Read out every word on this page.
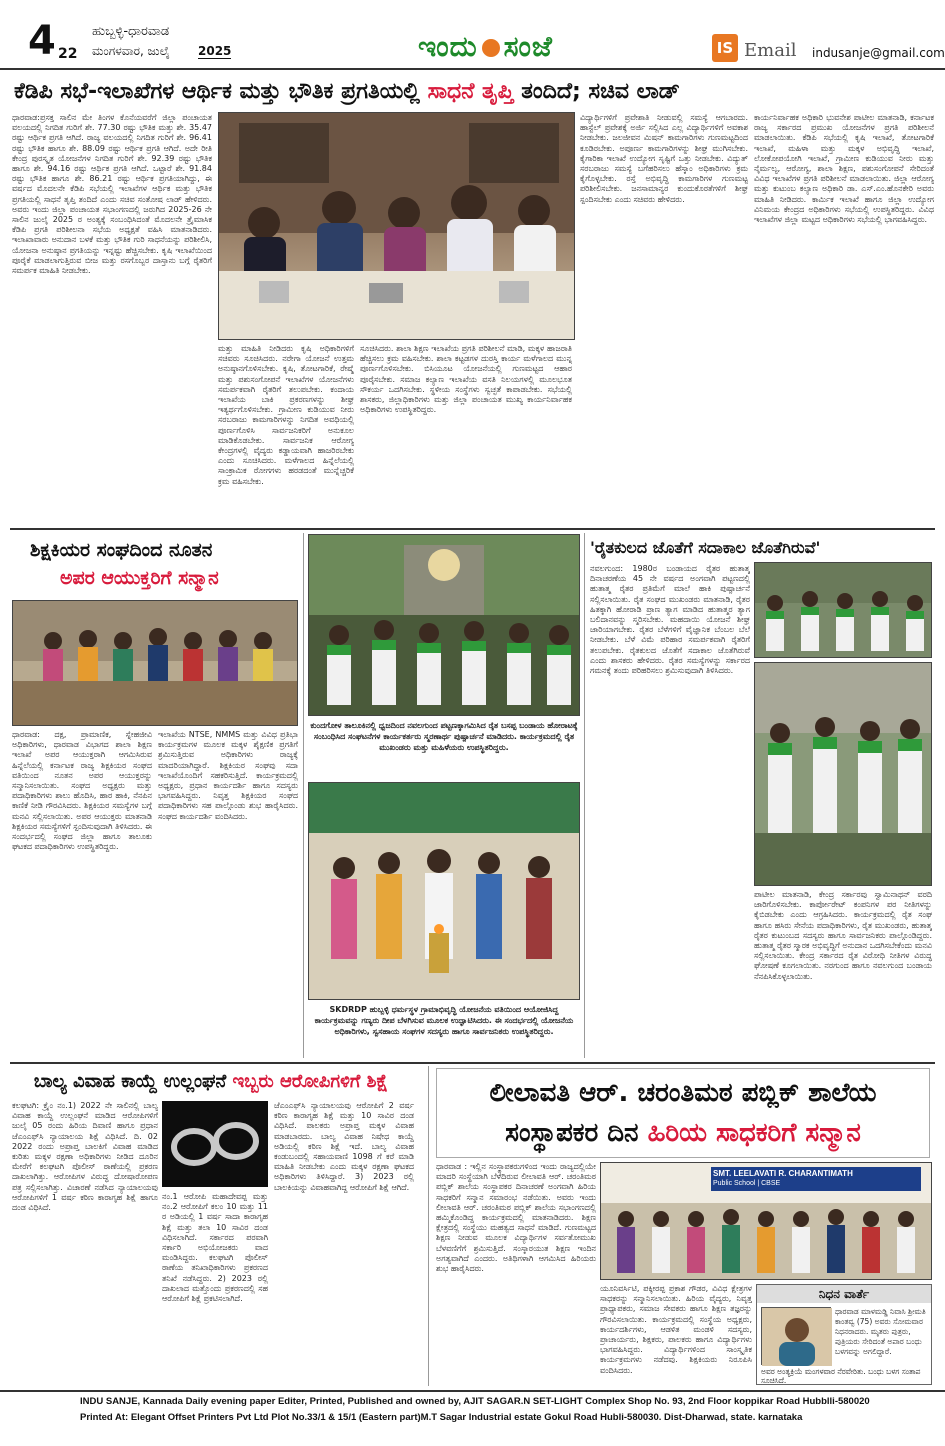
4 22
ಹುಬ್ಬಳ್ಳಿ-ಧಾರವಾಡ
ಮಂಗಳವಾರ, ಜುಲೈ 2025	ಇಂದು ಸಂಜೆ	IS Email indusanje@gmail.com
ಕೆಡಿಪಿ ಸಭೆ-ಇಲಾಖೆಗಳ ಆರ್ಥಿಕ ಮತ್ತು ಭೌತಿಕ ಪ್ರಗತಿಯಲ್ಲಿ ಸಾಧನೆ ತೃಪ್ತಿ ತಂದಿದೆ; ಸಚಿವ ಲಾಡ್
ಧಾರವಾಡ:ಪ್ರಸಕ್ತ ಸಾಲಿನ ಮೇ ತಿಂಗಳ ಕೊನೆಯವರೆಗೆ ಜಿಲ್ಲಾ ಪಂಚಾಯತ ವಲಯದಲ್ಲಿ ನಿಗದಿತ ಗುರಿಗೆ ಶೇ. 77.30 ರಷ್ಟು ಭೌತಿಕ ಮತ್ತು ಶೇ. 35.47 ರಷ್ಟು ಆರ್ಥಿಕ ಪ್ರಗತಿ ಆಗಿದೆ. ರಾಜ್ಯ ವಲಯದಲ್ಲಿ ನಿಗದಿತ ಗುರಿಗೆ ಶೇ. 96.41 ರಷ್ಟು ಭೌತಿಕ ಹಾಗೂ ಶೇ. 88.09 ರಷ್ಟು ಆರ್ಥಿಕ ಪ್ರಗತಿ ಆಗಿದೆ. ಅದೇ ರೀತಿ ಕೇಂದ್ರ ಪುರಸ್ಕೃತ ಯೋಜನೆಗಳ ನಿಗದಿತ ಗುರಿಗೆ ಶೇ. 92.39 ರಷ್ಟು ಭೌತಿಕ ಹಾಗೂ ಶೇ. 94.16 ರಷ್ಟು ಆರ್ಥಿಕ ಪ್ರಗತಿ ಆಗಿದೆ. ಒಟ್ಟಾರೆ ಶೇ. 91.84 ರಷ್ಟು ಭೌತಿಕ ಹಾಗೂ ಶೇ. 86.21 ರಷ್ಟು ಆರ್ಥಿಕ ಪ್ರಗತಿಯಾಗಿದ್ದು, ಈ ವರ್ಷದ ಮೊದಲನೇ ಕೆಡಿಪಿ ಸಭೆಯಲ್ಲಿ ಇಲಾಖೆಗಳ ಆರ್ಥಿಕ ಮತ್ತು ಭೌತಿಕ ಪ್ರಗತಿಯಲ್ಲಿ ಸಾಧನೆ ತೃಪ್ತಿ ತಂದಿದೆ ಎಂದು ಸಚಿವ ಸಂತೋಷ ಲಾಡ್ ಹೇಳಿದರು. ಅವರು ಇಂದು ಜಿಲ್ಲಾ ಪಂಚಾಯತ ಸಭಾಂಗಣದಲ್ಲಿ ಜರುಗಿದ 2025-26 ನೇ ಸಾಲಿನ ಜುಲೈ 2025 ರ ಅಂತ್ಯಕ್ಕೆ ಸಂಬಂಧಿಸಿದಂತೆ ಮೊದಲನೇ ತ್ರೈಮಾಸಿಕ ಕೆಡಿಪಿ ಪ್ರಗತಿ ಪರಿಶೀಲನಾ ಸಭೆಯ ಅಧ್ಯಕ್ಷತೆ ವಹಿಸಿ ಮಾತನಾಡಿದರು. ಇಲಾಖಾವಾರು ಅನುದಾನ ಬಳಕೆ ಮತ್ತು ಭೌತಿಕ ಗುರಿ ಸಾಧನೆಯನ್ನು ಪರಿಶೀಲಿಸಿ, ಯೋಜನಾ ಅನುಷ್ಠಾನ ಪ್ರಗತಿಯನ್ನು ಇನ್ನಷ್ಟು ಹೆಚ್ಚಿಸಬೇಕು. ಕೃಷಿ ಇಲಾಖೆಯಿಂದ ಪೂರೈಕೆ ಮಾಡಲಾಗುತ್ತಿರುವ ಬೀಜ ಮತ್ತು ರಸಗೊಬ್ಬರ ದಾಸ್ತಾನು ಬಗ್ಗೆ ರೈತರಿಗೆ ಸಮರ್ಪಕ ಮಾಹಿತಿ ನೀಡಬೇಕು.
ಮತ್ತು ಮಾಹಿತಿ ನೀಡಿದರು ಕೃಷಿ ಅಧಿಕಾರಿಗಳಿಗೆ ಸಚಿವರು ಸೂಚಿಸಿದರು. ನರೇಗಾ ಯೋಜನೆ ಉತ್ತಮ ಅನುಷ್ಠಾನಗೊಳಿಸಬೇಕು. ಕೃಷಿ, ತೋಟಗಾರಿಕೆ, ರೇಷ್ಮೆ ಮತ್ತು ಪಶುಸಂಗೋಪನೆ ಇಲಾಖೆಗಳ ಯೋಜನೆಗಳು ಸಮರ್ಪಕವಾಗಿ ರೈತರಿಗೆ ತಲುಪಬೇಕು. ಕಂದಾಯ ಇಲಾಖೆಯ ಬಾಕಿ ಪ್ರಕರಣಗಳನ್ನು ಶೀಘ್ರ ಇತ್ಯರ್ಥಗೊಳಿಸಬೇಕು. ಗ್ರಾಮೀಣ ಕುಡಿಯುವ ನೀರು ಸರಬರಾಜು ಕಾಮಗಾರಿಗಳನ್ನು ನಿಗದಿತ ಅವಧಿಯಲ್ಲಿ ಪೂರ್ಣಗೊಳಿಸಿ ಸಾರ್ವಜನಿಕರಿಗೆ ಅನುಕೂಲ ಮಾಡಿಕೊಡಬೇಕು. ಸಾರ್ವಜನಿಕ ಆರೋಗ್ಯ ಕೇಂದ್ರಗಳಲ್ಲಿ ವೈದ್ಯರು ಕಡ್ಡಾಯವಾಗಿ ಹಾಜರಿರಬೇಕು ಎಂದು ಸೂಚಿಸಿದರು. ಮಳೆಗಾಲದ ಹಿನ್ನೆಲೆಯಲ್ಲಿ ಸಾಂಕ್ರಾಮಿಕ ರೋಗಗಳು ಹರಡದಂತೆ ಮುನ್ನೆಚ್ಚರಿಕೆ ಕ್ರಮ ವಹಿಸಬೇಕು.
ಸೂಚಿಸಿದರು. ಶಾಲಾ ಶಿಕ್ಷಣ ಇಲಾಖೆಯ ಪ್ರಗತಿ ಪರಿಶೀಲನೆ ಮಾಡಿ, ಮಕ್ಕಳ ಹಾಜರಾತಿ ಹೆಚ್ಚಿಸಲು ಕ್ರಮ ವಹಿಸಬೇಕು. ಶಾಲಾ ಕಟ್ಟಡಗಳ ದುರಸ್ತಿ ಕಾರ್ಯ ಮಳೆಗಾಲದ ಮುನ್ನ ಪೂರ್ಣಗೊಳಿಸಬೇಕು. ಬಿಸಿಯೂಟ ಯೋಜನೆಯಲ್ಲಿ ಗುಣಮಟ್ಟದ ಆಹಾರ ಪೂರೈಸಬೇಕು. ಸಮಾಜ ಕಲ್ಯಾಣ ಇಲಾಖೆಯ ವಸತಿ ನಿಲಯಗಳಲ್ಲಿ ಮೂಲಭೂತ ಸೌಕರ್ಯ ಒದಗಿಸಬೇಕು. ಸ್ಥಳೀಯ ಸಂಸ್ಥೆಗಳು ಸ್ವಚ್ಛತೆ ಕಾಪಾಡಬೇಕು. ಸಭೆಯಲ್ಲಿ ಶಾಸಕರು, ಜಿಲ್ಲಾಧಿಕಾರಿಗಳು ಮತ್ತು ಜಿಲ್ಲಾ ಪಂಚಾಯತ ಮುಖ್ಯ ಕಾರ್ಯನಿರ್ವಾಹಕ ಅಧಿಕಾರಿಗಳು ಉಪಸ್ಥಿತರಿದ್ದರು.
ವಿದ್ಯಾರ್ಥಿಗಳಿಗೆ ಪ್ರವೇಶಾತಿ ನೀಡುವಲ್ಲಿ ಸಮಸ್ಯೆ ಆಗಬಾರದು. ಹಾಸ್ಟೆಲ್ ಪ್ರವೇಶಕ್ಕೆ ಅರ್ಜಿ ಸಲ್ಲಿಸಿದ ಎಲ್ಲ ವಿದ್ಯಾರ್ಥಿಗಳಿಗೆ ಅವಕಾಶ ನೀಡಬೇಕು. ಜಲಜೀವನ ಮಿಷನ್ ಕಾಮಗಾರಿಗಳು ಗುಣಮಟ್ಟದಿಂದ ಕೂಡಿರಬೇಕು. ಅಪೂರ್ಣ ಕಾಮಗಾರಿಗಳನ್ನು ಶೀಘ್ರ ಮುಗಿಸಬೇಕು. ಕೈಗಾರಿಕಾ ಇಲಾಖೆ ಉದ್ಯೋಗ ಸೃಷ್ಟಿಗೆ ಒತ್ತು ನೀಡಬೇಕು. ವಿದ್ಯುತ್ ಸರಬರಾಜು ಸಮಸ್ಯೆ ಬಗೆಹರಿಸಲು ಹೆಸ್ಕಾಂ ಅಧಿಕಾರಿಗಳು ಕ್ರಮ ಕೈಗೊಳ್ಳಬೇಕು. ರಸ್ತೆ ಅಭಿವೃದ್ಧಿ ಕಾಮಗಾರಿಗಳ ಗುಣಮಟ್ಟ ಪರಿಶೀಲಿಸಬೇಕು. ಜನಸಾಮಾನ್ಯರ ಕುಂದುಕೊರತೆಗಳಿಗೆ ಶೀಘ್ರ ಸ್ಪಂದಿಸಬೇಕು ಎಂದು ಸಚಿವರು ಹೇಳಿದರು.
ಕಾರ್ಯನಿರ್ವಾಹಕ ಅಧಿಕಾರಿ ಭುವನೇಶ ಪಾಟೀಲ ಮಾತನಾಡಿ, ಕರ್ನಾಟಕ ರಾಜ್ಯ ಸರ್ಕಾರದ ಪ್ರಮುಖ ಯೋಜನೆಗಳ ಪ್ರಗತಿ ಪರಿಶೀಲನೆ ಮಾಡಲಾಯಿತು. ಕೆಡಿಪಿ ಸಭೆಯಲ್ಲಿ ಕೃಷಿ ಇಲಾಖೆ, ತೋಟಗಾರಿಕೆ ಇಲಾಖೆ, ಮಹಿಳಾ ಮತ್ತು ಮಕ್ಕಳ ಅಭಿವೃದ್ಧಿ ಇಲಾಖೆ, ಲೋಕೋಪಯೋಗಿ ಇಲಾಖೆ, ಗ್ರಾಮೀಣ ಕುಡಿಯುವ ನೀರು ಮತ್ತು ನೈರ್ಮಲ್ಯ, ಆರೋಗ್ಯ, ಶಾಲಾ ಶಿಕ್ಷಣ, ಪಶುಸಂಗೋಪನೆ ಸೇರಿದಂತೆ ವಿವಿಧ ಇಲಾಖೆಗಳ ಪ್ರಗತಿ ಪರಿಶೀಲನೆ ಮಾಡಲಾಯಿತು. ಜಿಲ್ಲಾ ಆರೋಗ್ಯ ಮತ್ತು ಕುಟುಂಬ ಕಲ್ಯಾಣ ಅಧಿಕಾರಿ ಡಾ. ಎಸ್.ಎಂ.ಹೊನಕೇರಿ ಅವರು ಮಾಹಿತಿ ನೀಡಿದರು. ಕಾರ್ಮಿಕ ಇಲಾಖೆ ಹಾಗೂ ಜಿಲ್ಲಾ ಉದ್ಯೋಗ ವಿನಿಮಯ ಕೇಂದ್ರದ ಅಧಿಕಾರಿಗಳು ಸಭೆಯಲ್ಲಿ ಉಪಸ್ಥಿತರಿದ್ದರು. ವಿವಿಧ ಇಲಾಖೆಗಳ ಜಿಲ್ಲಾ ಮಟ್ಟದ ಅಧಿಕಾರಿಗಳು ಸಭೆಯಲ್ಲಿ ಭಾಗವಹಿಸಿದ್ದರು.
ಶಿಕ್ಷಕಿಯರ ಸಂಘದಿಂದ ನೂತನ
ಅಪರ ಆಯುಕ್ತರಿಗೆ ಸನ್ಮಾನ
ಧಾರವಾಡ: ದಕ್ಷ, ಪ್ರಾಮಾಣಿಕ, ಸ್ನೇಹಜೀವಿ ಅಧಿಕಾರಿಗಳು, ಧಾರವಾಡ ವಿಭಾಗದ ಶಾಲಾ ಶಿಕ್ಷಣ ಇಲಾಖೆ ಅಪರ ಆಯುಕ್ತರಾಗಿ ಆಗಮಿಸಿರುವ ಹಿನ್ನೆಲೆಯಲ್ಲಿ ಕರ್ನಾಟಕ ರಾಜ್ಯ ಶಿಕ್ಷಕಿಯರ ಸಂಘದ ವತಿಯಿಂದ ನೂತನ ಅಪರ ಆಯುಕ್ತರನ್ನು ಸನ್ಮಾನಿಸಲಾಯಿತು. ಸಂಘದ ಅಧ್ಯಕ್ಷರು ಮತ್ತು ಪದಾಧಿಕಾರಿಗಳು ಶಾಲು ಹೊದಿಸಿ, ಹಾರ ಹಾಕಿ, ನೆನಪಿನ ಕಾಣಿಕೆ ನೀಡಿ ಗೌರವಿಸಿದರು. ಶಿಕ್ಷಕಿಯರ ಸಮಸ್ಯೆಗಳ ಬಗ್ಗೆ ಮನವಿ ಸಲ್ಲಿಸಲಾಯಿತು. ಅಪರ ಆಯುಕ್ತರು ಮಾತನಾಡಿ ಶಿಕ್ಷಕಿಯರ ಸಮಸ್ಯೆಗಳಿಗೆ ಸ್ಪಂದಿಸುವುದಾಗಿ ತಿಳಿಸಿದರು. ಈ ಸಂದರ್ಭದಲ್ಲಿ ಸಂಘದ ಜಿಲ್ಲಾ ಹಾಗೂ ತಾಲೂಕು ಘಟಕದ ಪದಾಧಿಕಾರಿಗಳು ಉಪಸ್ಥಿತರಿದ್ದರು.
ಇಲಾಖೆಯ NTSE, NMMS ಮತ್ತು ವಿವಿಧ ಪ್ರತಿಭಾ ಕಾರ್ಯಕ್ರಮಗಳ ಮೂಲಕ ಮಕ್ಕಳ ಶೈಕ್ಷಣಿಕ ಪ್ರಗತಿಗೆ ಶ್ರಮಿಸುತ್ತಿರುವ ಅಧಿಕಾರಿಗಳು ರಾಜ್ಯಕ್ಕೆ ಮಾದರಿಯಾಗಿದ್ದಾರೆ. ಶಿಕ್ಷಕಿಯರ ಸಂಘವು ಸದಾ ಇಲಾಖೆಯೊಂದಿಗೆ ಸಹಕರಿಸುತ್ತಿದೆ. ಕಾರ್ಯಕ್ರಮದಲ್ಲಿ ಅಧ್ಯಕ್ಷರು, ಪ್ರಧಾನ ಕಾರ್ಯದರ್ಶಿ ಹಾಗೂ ಸದಸ್ಯರು ಭಾಗವಹಿಸಿದ್ದರು. ನಿವೃತ್ತ ಶಿಕ್ಷಕಿಯರ ಸಂಘದ ಪದಾಧಿಕಾರಿಗಳು ಸಹ ಪಾಲ್ಗೊಂಡು ಶುಭ ಹಾರೈಸಿದರು. ಸಂಘದ ಕಾರ್ಯದರ್ಶಿ ವಂದಿಸಿದರು.
ಕುಂದಗೋಳ ತಾಲೂಕಿನಲ್ಲಿ ಧ್ವಜದಿಂದ ನವಲಗುಂದ ಪಟ್ಟಣಕ್ಕಾಗಮಿಸಿದ ರೈತ ಬಸಪ್ಪ ಬಂಡಾಯ ಹೋರಾಟಕ್ಕೆ ಸಂಬಂಧಿಸಿದ ಸಂಘಟನೆಗಳ ಕಾರ್ಯಕರ್ತರು ಸ್ಮರಣಾರ್ಥ ಪುಷ್ಪಾರ್ಚನೆ ಮಾಡಿದರು. ಕಾರ್ಯಕ್ರಮದಲ್ಲಿ ರೈತ ಮುಖಂಡರು ಮತ್ತು ಮಹಿಳೆಯರು ಉಪಸ್ಥಿತರಿದ್ದರು.
SKDRDP ಹುಬ್ಬಳ್ಳಿ ಧರ್ಮಸ್ಥಳ ಗ್ರಾಮಾಭಿವೃದ್ಧಿ ಯೋಜನೆಯ ವತಿಯಿಂದ ಆಯೋಜಿಸಿದ್ದ ಕಾರ್ಯಕ್ರಮವನ್ನು ಗಣ್ಯರು ದೀಪ ಬೆಳಗಿಸುವ ಮೂಲಕ ಉದ್ಘಾಟಿಸಿದರು. ಈ ಸಂದರ್ಭದಲ್ಲಿ ಯೋಜನೆಯ ಅಧಿಕಾರಿಗಳು, ಸ್ವಸಹಾಯ ಸಂಘಗಳ ಸದಸ್ಯರು ಹಾಗೂ ಸಾರ್ವಜನಿಕರು ಉಪಸ್ಥಿತರಿದ್ದರು.
'ರೈತಕುಲದ ಜೊತೆಗೆ ಸದಾಕಾಲ ಜೊತೆಗಿರುವೆ'
ನವಲಗುಂದ: 1980ರ ಬಂಡಾಯದ ರೈತರ ಹುತಾತ್ಮ ದಿನಾಚರಣೆಯ 45 ನೇ ವರ್ಷದ ಅಂಗವಾಗಿ ಪಟ್ಟಣದಲ್ಲಿ ಹುತಾತ್ಮ ರೈತರ ಪ್ರತಿಮೆಗೆ ಮಾಲೆ ಹಾಕಿ ಪುಷ್ಪಾರ್ಚನೆ ಸಲ್ಲಿಸಲಾಯಿತು. ರೈತ ಸಂಘದ ಮುಖಂಡರು ಮಾತನಾಡಿ, ರೈತರ ಹಿತಕ್ಕಾಗಿ ಹೋರಾಡಿ ಪ್ರಾಣ ತ್ಯಾಗ ಮಾಡಿದ ಹುತಾತ್ಮರ ತ್ಯಾಗ ಬಲಿದಾನವನ್ನು ಸ್ಮರಿಸಬೇಕು. ಮಹದಾಯಿ ಯೋಜನೆ ಶೀಘ್ರ ಜಾರಿಯಾಗಬೇಕು. ರೈತರ ಬೆಳೆಗಳಿಗೆ ವೈಜ್ಞಾನಿಕ ಬೆಂಬಲ ಬೆಲೆ ನೀಡಬೇಕು. ಬೆಳೆ ವಿಮೆ ಪರಿಹಾರ ಸಮರ್ಪಕವಾಗಿ ರೈತರಿಗೆ ತಲುಪಬೇಕು. ರೈತಕುಲದ ಜೊತೆಗೆ ಸದಾಕಾಲ ಜೊತೆಗಿರುವೆ ಎಂದು ಶಾಸಕರು ಹೇಳಿದರು. ರೈತರ ಸಮಸ್ಯೆಗಳನ್ನು ಸರ್ಕಾರದ ಗಮನಕ್ಕೆ ತಂದು ಪರಿಹರಿಸಲು ಶ್ರಮಿಸುವುದಾಗಿ ತಿಳಿಸಿದರು.
ಪಾಟೀಲ ಮಾತನಾಡಿ, ಕೇಂದ್ರ ಸರ್ಕಾರವು ಸ್ವಾಮಿನಾಥನ್ ವರದಿ ಜಾರಿಗೊಳಿಸಬೇಕು. ಕಾರ್ಪೋರೇಟ್ ಕಂಪನಿಗಳ ಪರ ನೀತಿಗಳನ್ನು ಕೈಬಿಡಬೇಕು ಎಂದು ಆಗ್ರಹಿಸಿದರು. ಕಾರ್ಯಕ್ರಮದಲ್ಲಿ ರೈತ ಸಂಘ ಹಾಗೂ ಹಸಿರು ಸೇನೆಯ ಪದಾಧಿಕಾರಿಗಳು, ರೈತ ಮುಖಂಡರು, ಹುತಾತ್ಮ ರೈತರ ಕುಟುಂಬದ ಸದಸ್ಯರು ಹಾಗೂ ಸಾರ್ವಜನಿಕರು ಪಾಲ್ಗೊಂಡಿದ್ದರು. ಹುತಾತ್ಮ ರೈತರ ಸ್ಮಾರಕ ಅಭಿವೃದ್ಧಿಗೆ ಅನುದಾನ ಒದಗಿಸಬೇಕೆಂದು ಮನವಿ ಸಲ್ಲಿಸಲಾಯಿತು. ಕೇಂದ್ರ ಸರ್ಕಾರದ ರೈತ ವಿರೋಧಿ ನೀತಿಗಳ ವಿರುದ್ಧ ಘೋಷಣೆ ಕೂಗಲಾಯಿತು. ನರಗುಂದ ಹಾಗೂ ನವಲಗುಂದ ಬಂಡಾಯ ನೆನಪಿಸಿಕೊಳ್ಳಲಾಯಿತು.
ಬಾಲ್ಯ ವಿವಾಹ ಕಾಯ್ದೆ ಉಲ್ಲಂಘನೆ ಇಬ್ಬರು ಆರೋಪಿಗಳಿಗೆ ಶಿಕ್ಷೆ
ಕಲಘಟಗಿ: ಕ್ರೈಂ ನಂ.1) 2022 ನೇ ಸಾಲಿನಲ್ಲಿ ಬಾಲ್ಯ ವಿವಾಹ ಕಾಯ್ದೆ ಉಲ್ಲಂಘನೆ ಮಾಡಿದ ಆರೋಪಿಗಳಿಗೆ ಜುಲೈ 05 ರಂದು ಹಿರಿಯ ದಿವಾಣಿ ಹಾಗೂ ಪ್ರಧಾನ ಜೆಎಂಎಫ್‌ಸಿ ನ್ಯಾಯಾಲಯ ಶಿಕ್ಷೆ ವಿಧಿಸಿದೆ. ದಿ. 02 2022 ರಂದು ಅಪ್ರಾಪ್ತ ಬಾಲಕಿಗೆ ವಿವಾಹ ಮಾಡಿದ ಕುರಿತು ಮಕ್ಕಳ ರಕ್ಷಣಾ ಅಧಿಕಾರಿಗಳು ನೀಡಿದ ದೂರಿನ ಮೇರೆಗೆ ಕಲಘಟಗಿ ಪೊಲೀಸ್ ಠಾಣೆಯಲ್ಲಿ ಪ್ರಕರಣ ದಾಖಲಾಗಿತ್ತು. ಆರೋಪಿಗಳ ವಿರುದ್ಧ ದೋಷಾರೋಪಣ ಪತ್ರ ಸಲ್ಲಿಸಲಾಗಿತ್ತು. ವಿಚಾರಣೆ ನಡೆಸಿದ ನ್ಯಾಯಾಲಯವು ಆರೋಪಿಗಳಿಗೆ 1 ವರ್ಷ ಕಠಿಣ ಕಾರಾಗೃಹ ಶಿಕ್ಷೆ ಹಾಗೂ ದಂಡ ವಿಧಿಸಿದೆ.
ನಂ.1 ಆರೋಪಿ ಮಹಾದೇವಪ್ಪ ಮತ್ತು ನಂ.2 ಆರೋಪಿಗೆ ಕಲಂ 10 ಮತ್ತು 11 ರ ಅಡಿಯಲ್ಲಿ 1 ವರ್ಷ ಸಾದಾ ಕಾರಾಗೃಹ ಶಿಕ್ಷೆ ಮತ್ತು ತಲಾ 10 ಸಾವಿರ ದಂಡ ವಿಧಿಸಲಾಗಿದೆ. ಸರ್ಕಾರದ ಪರವಾಗಿ ಸರ್ಕಾರಿ ಅಭಿಯೋಜಕರು ವಾದ ಮಂಡಿಸಿದ್ದರು. ಕಲಘಟಗಿ ಪೊಲೀಸ್ ಠಾಣೆಯ ತನಿಖಾಧಿಕಾರಿಗಳು ಪ್ರಕರಣದ ತನಿಖೆ ನಡೆಸಿದ್ದರು. 2) 2023 ರಲ್ಲಿ ದಾಖಲಾದ ಮತ್ತೊಂದು ಪ್ರಕರಣದಲ್ಲಿ ಸಹ ಆರೋಪಿಗೆ ಶಿಕ್ಷೆ ಪ್ರಕಟಿಸಲಾಗಿದೆ.
ಜೆಎಂಎಫ್‌ಸಿ ನ್ಯಾಯಾಲಯವು ಆರೋಪಿಗೆ 2 ವರ್ಷ ಕಠಿಣ ಕಾರಾಗೃಹ ಶಿಕ್ಷೆ ಮತ್ತು 10 ಸಾವಿರ ದಂಡ ವಿಧಿಸಿದೆ. ಪಾಲಕರು ಅಪ್ರಾಪ್ತ ಮಕ್ಕಳ ವಿವಾಹ ಮಾಡಬಾರದು. ಬಾಲ್ಯ ವಿವಾಹ ನಿಷೇಧ ಕಾಯ್ದೆ ಅಡಿಯಲ್ಲಿ ಕಠಿಣ ಶಿಕ್ಷೆ ಇದೆ. ಬಾಲ್ಯ ವಿವಾಹ ಕಂಡುಬಂದಲ್ಲಿ ಸಹಾಯವಾಣಿ 1098 ಗೆ ಕರೆ ಮಾಡಿ ಮಾಹಿತಿ ನೀಡಬೇಕು ಎಂದು ಮಕ್ಕಳ ರಕ್ಷಣಾ ಘಟಕದ ಅಧಿಕಾರಿಗಳು ತಿಳಿಸಿದ್ದಾರೆ. 3) 2023 ರಲ್ಲಿ ಬಾಲಕಿಯನ್ನು ವಿವಾಹವಾಗಿದ್ದ ಆರೋಪಿಗೆ ಶಿಕ್ಷೆ ಆಗಿದೆ.
ಲೀಲಾವತಿ ಆರ್. ಚರಂತಿಮಠ ಪಬ್ಲಿಕ್ ಶಾಲೆಯ
ಸಂಸ್ಥಾಪಕರ ದಿನ ಹಿರಿಯ ಸಾಧಕರಿಗೆ ಸನ್ಮಾನ
ಧಾರವಾಡ : ಇಲ್ಲಿನ ಸಂಸ್ಥಾಪಕರುಗಳಿಂದ ಇಂದು ರಾಜ್ಯದಲ್ಲಿಯೇ ಮಾದರಿ ಸಂಸ್ಥೆಯಾಗಿ ಬೆಳೆದಿರುವ ಲೀಲಾವತಿ ಆರ್. ಚರಂತಿಮಠ ಪಬ್ಲಿಕ್ ಶಾಲೆಯ ಸಂಸ್ಥಾಪಕರ ದಿನಾಚರಣೆ ಅಂಗವಾಗಿ ಹಿರಿಯ ಸಾಧಕರಿಗೆ ಸನ್ಮಾನ ಸಮಾರಂಭ ನಡೆಯಿತು. ಅವರು ಇಂದು ಲೀಲಾವತಿ ಆರ್. ಚರಂತಿಮಠ ಪಬ್ಲಿಕ್ ಶಾಲೆಯ ಸಭಾಂಗಣದಲ್ಲಿ ಹಮ್ಮಿಕೊಂಡಿದ್ದ ಕಾರ್ಯಕ್ರಮದಲ್ಲಿ ಮಾತನಾಡಿದರು. ಶಿಕ್ಷಣ ಕ್ಷೇತ್ರದಲ್ಲಿ ಸಂಸ್ಥೆಯು ಮಹತ್ವದ ಸಾಧನೆ ಮಾಡಿದೆ. ಗುಣಮಟ್ಟದ ಶಿಕ್ಷಣ ನೀಡುವ ಮೂಲಕ ವಿದ್ಯಾರ್ಥಿಗಳ ಸರ್ವತೋಮುಖ ಬೆಳವಣಿಗೆಗೆ ಶ್ರಮಿಸುತ್ತಿದೆ. ಸಂಸ್ಕಾರಯುತ ಶಿಕ್ಷಣ ಇಂದಿನ ಅಗತ್ಯವಾಗಿದೆ ಎಂದರು. ಅತಿಥಿಗಳಾಗಿ ಆಗಮಿಸಿದ ಹಿರಿಯರು ಶುಭ ಹಾರೈಸಿದರು.
SMT. LEELAVATI R. CHARANTIMATH
Public School | CBSE
ಯೂನಿವರ್ಸಿಟಿ, ಪಕ್ಕೀರಪ್ಪ ಪ್ರಕಾಶ ಗೌಡರ, ವಿವಿಧ ಕ್ಷೇತ್ರಗಳ ಸಾಧಕರನ್ನು ಸನ್ಮಾನಿಸಲಾಯಿತು. ಹಿರಿಯ ವೈದ್ಯರು, ನಿವೃತ್ತ ಪ್ರಾಧ್ಯಾಪಕರು, ಸಮಾಜ ಸೇವಕರು ಹಾಗೂ ಶಿಕ್ಷಣ ತಜ್ಞರನ್ನು ಗೌರವಿಸಲಾಯಿತು. ಕಾರ್ಯಕ್ರಮದಲ್ಲಿ ಸಂಸ್ಥೆಯ ಅಧ್ಯಕ್ಷರು, ಕಾರ್ಯದರ್ಶಿಗಳು, ಆಡಳಿತ ಮಂಡಳಿ ಸದಸ್ಯರು, ಪ್ರಾಚಾರ್ಯರು, ಶಿಕ್ಷಕರು, ಪಾಲಕರು ಹಾಗೂ ವಿದ್ಯಾರ್ಥಿಗಳು ಭಾಗವಹಿಸಿದ್ದರು. ವಿದ್ಯಾರ್ಥಿಗಳಿಂದ ಸಾಂಸ್ಕೃತಿಕ ಕಾರ್ಯಕ್ರಮಗಳು ನಡೆದವು. ಶಿಕ್ಷಕಿಯರು ನಿರೂಪಿಸಿ ವಂದಿಸಿದರು.
ನಿಧನ ವಾರ್ತೆ
ಧಾರವಾಡ ಮಾಳಮಡ್ಡಿ ನಿವಾಸಿ ಶ್ರೀಮತಿ ಕಾಂತವ್ವ (75) ಅವರು ಸೋಮವಾರ ನಿಧನರಾದರು. ಮೃತರು ಪುತ್ರರು, ಪುತ್ರಿಯರು ಸೇರಿದಂತೆ ಅಪಾರ ಬಂಧು ಬಳಗವನ್ನು ಅಗಲಿದ್ದಾರೆ.
ಅವರ ಅಂತ್ಯಕ್ರಿಯೆ ಮಂಗಳವಾರ ನೆರವೇರಿತು. ಬಂಧು ಬಳಗ ಸಂತಾಪ ಸೂಚಿಸಿದೆ.
INDU SANJE, Kannada Daily evening paper Editer, Printed, Published and owned by, AJIT SAGAR.N SET-LIGHT Complex Shop No. 93, 2nd Floor koppikar Road Hubblli-580020
Printed At: Elegant Offset Printers Pvt Ltd Plot No.33/1 & 15/1 (Eastern part)M.T Sagar Industrial estate Gokul Road Hubli-580030. Dist-Dharwad, state. karnataka
